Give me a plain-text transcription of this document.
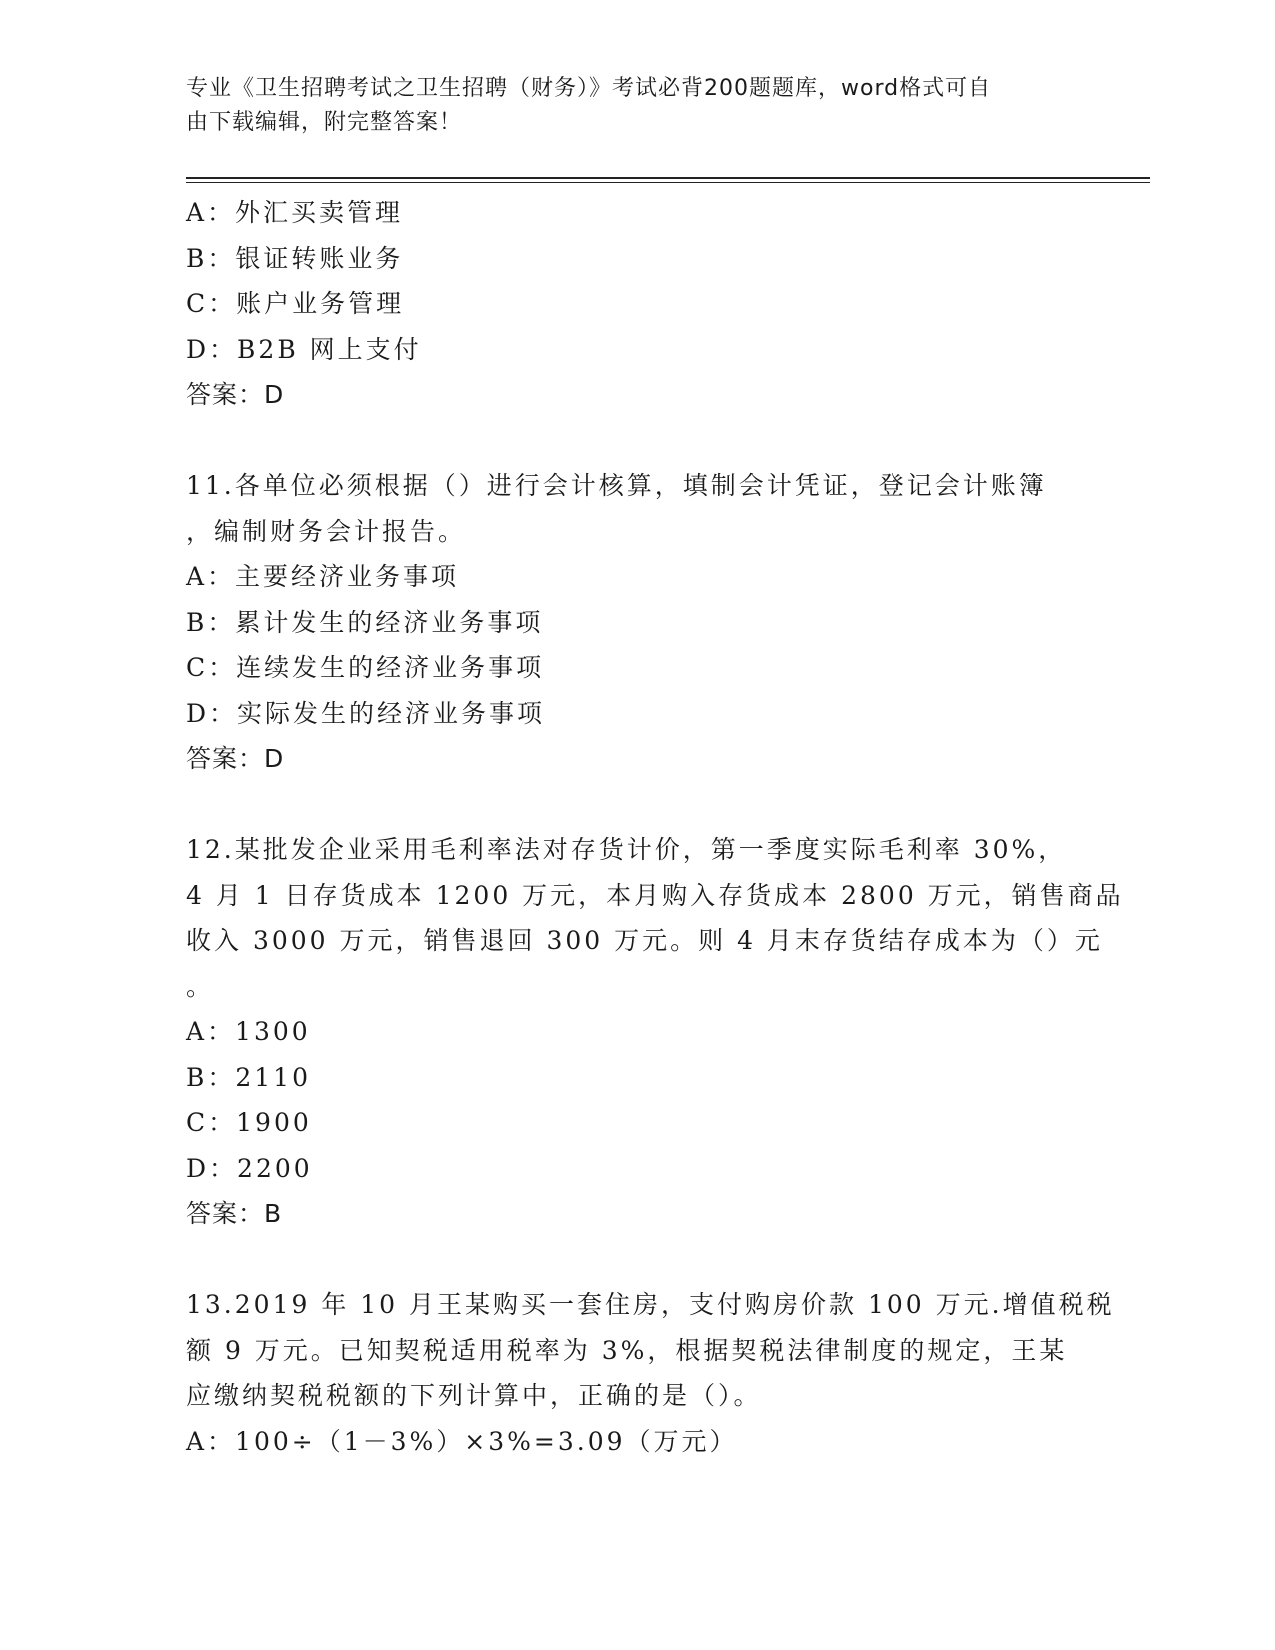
专业《卫生招聘考试之卫生招聘（财务）》考试必背200题题库，word格式可自
由下载编辑，附完整答案！
A：外汇买卖管理
B：银证转账业务
C：账户业务管理
D：B2B 网上支付
答案：D
11.各单位必须根据（）进行会计核算，填制会计凭证，登记会计账簿
，编制财务会计报告。
A：主要经济业务事项
B：累计发生的经济业务事项
C：连续发生的经济业务事项
D：实际发生的经济业务事项
答案：D
12.某批发企业采用毛利率法对存货计价，第一季度实际毛利率 30%，
4 月 1 日存货成本 1200 万元，本月购入存货成本 2800 万元，销售商品
收入 3000 万元，销售退回 300 万元。则 4 月末存货结存成本为（）元
。
A：1300
B：2110
C：1900
D：2200
答案：B
13.2019 年 10 月王某购买一套住房，支付购房价款 100 万元.增值税税
额 9 万元。已知契税适用税率为 3%，根据契税法律制度的规定，王某
应缴纳契税税额的下列计算中，正确的是（）。
A：100÷（1－3%）×3%=3.09（万元）
